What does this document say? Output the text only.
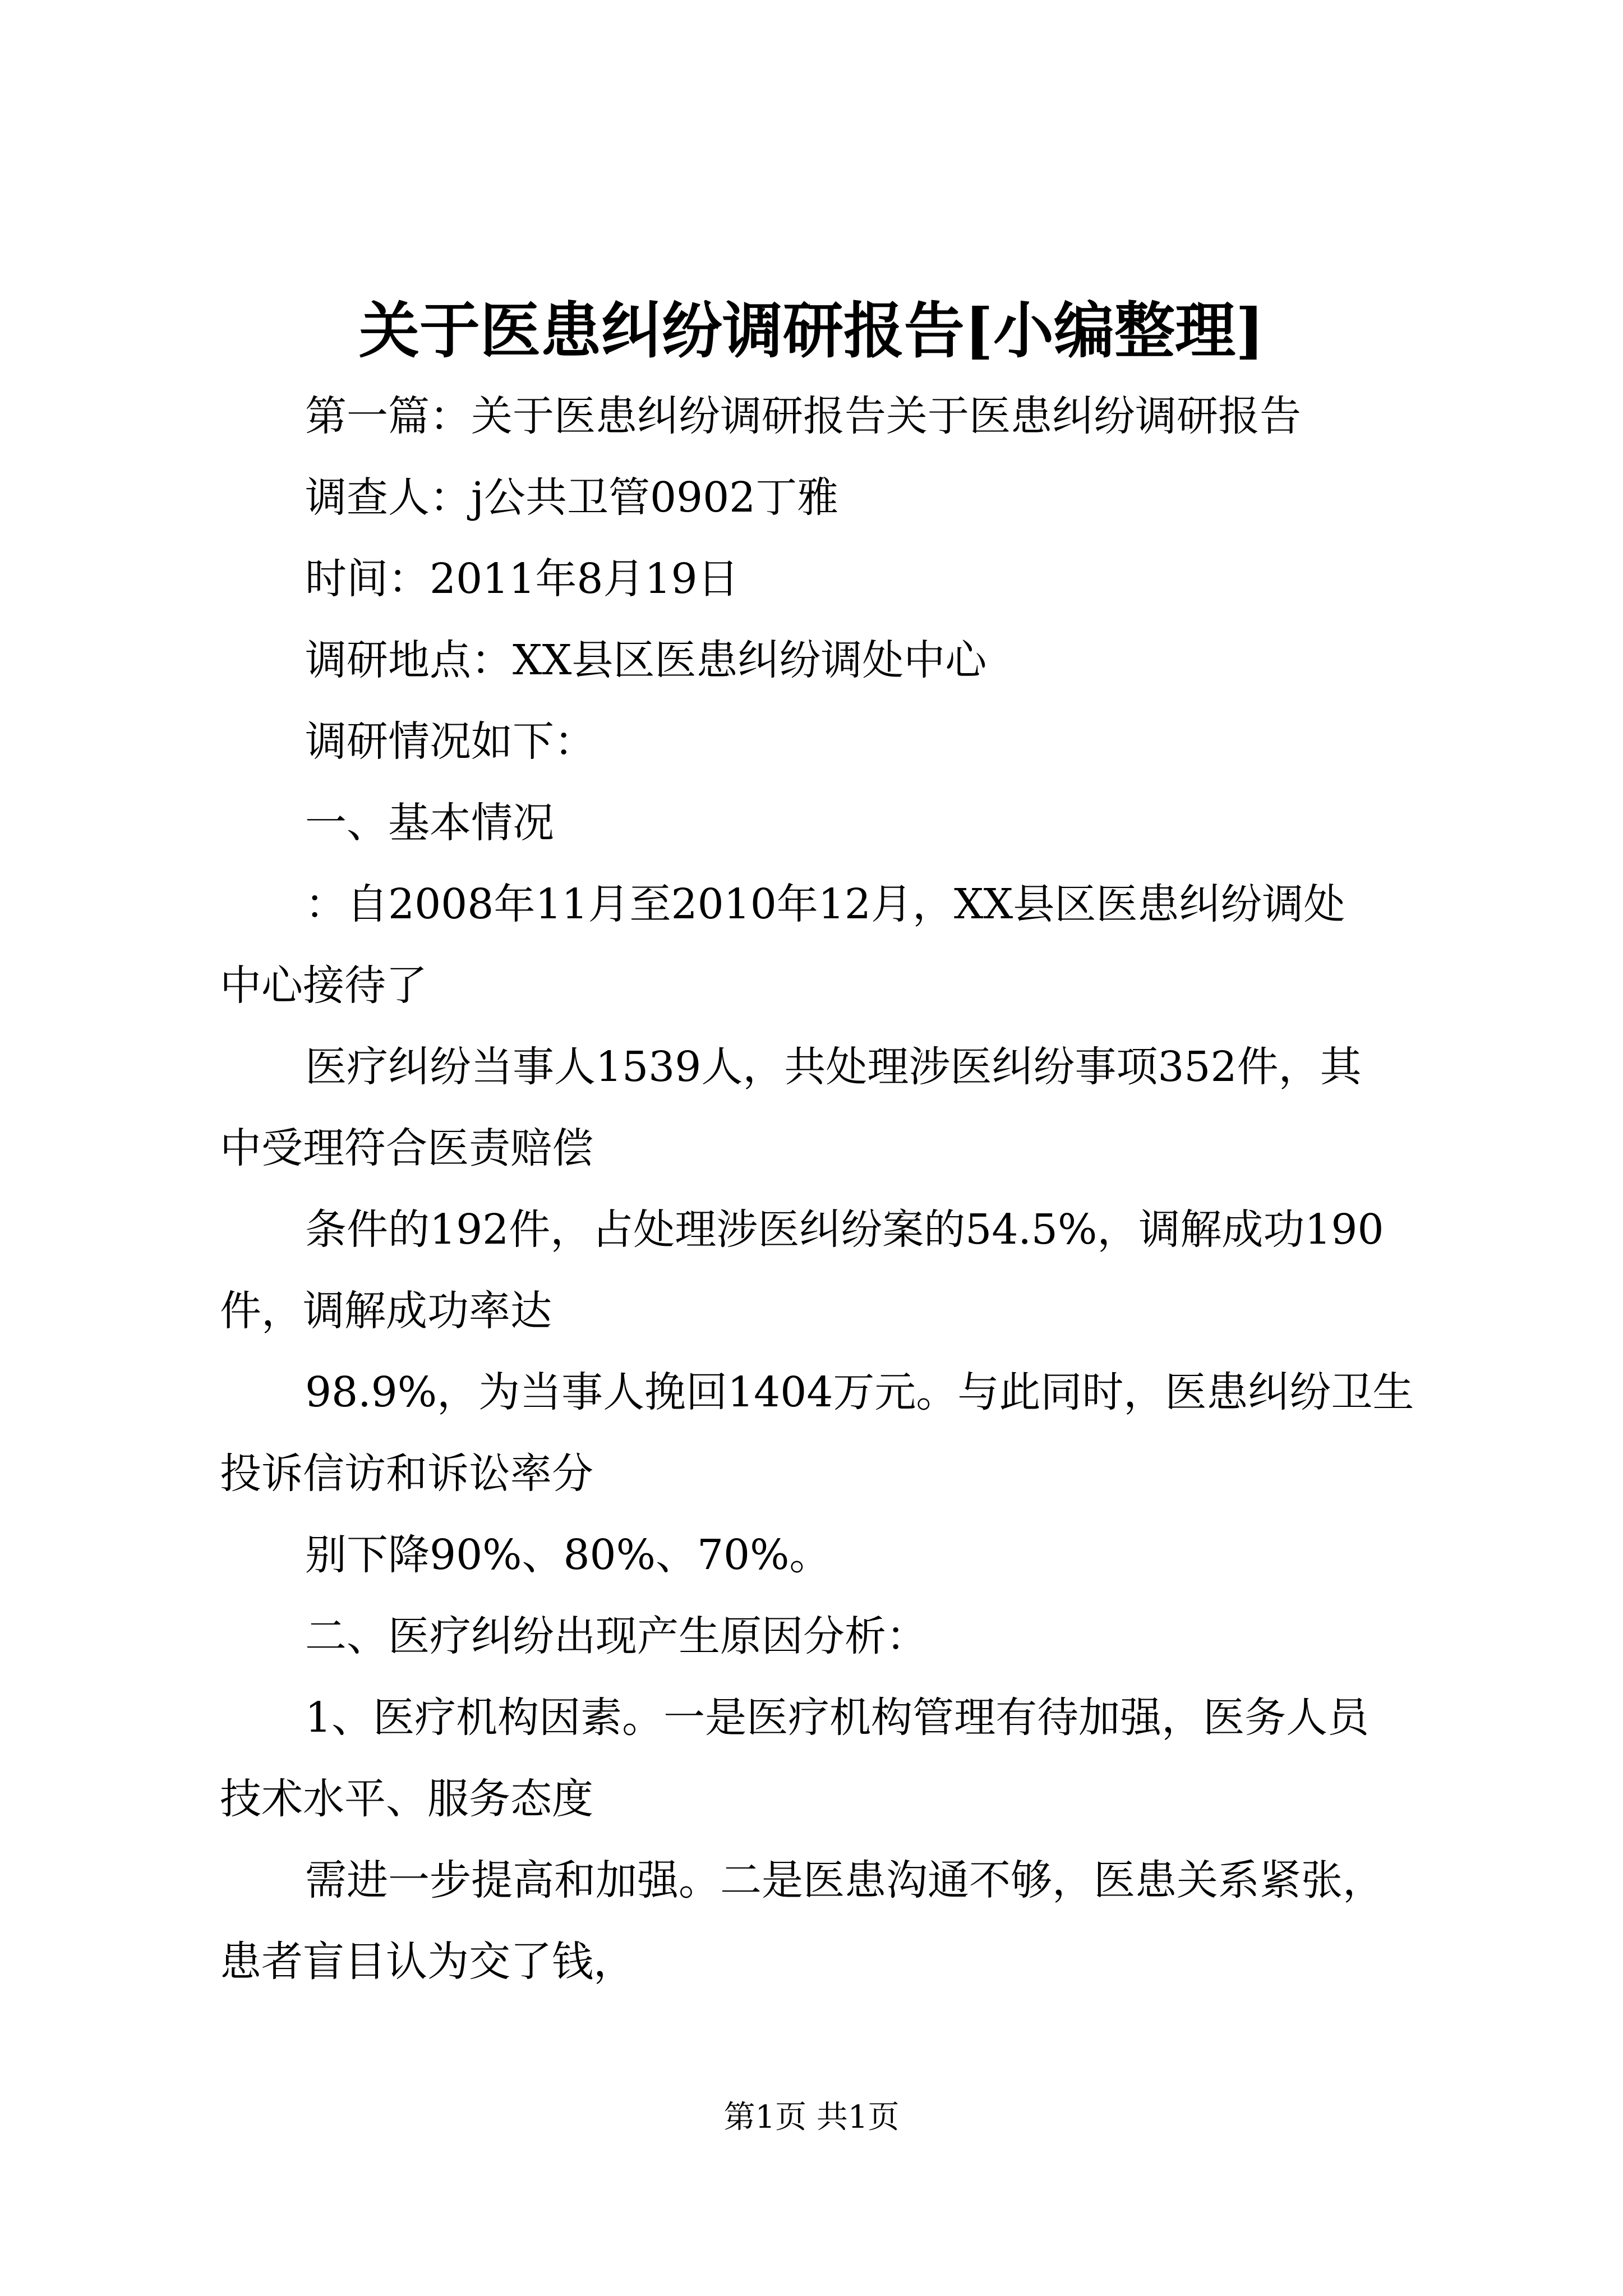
关于医患纠纷调研报告[小编整理]

第一篇：关于医患纠纷调研报告关于医患纠纷调研报告

调查人：j公共卫管0902丁雅

时间：2011年8月19日

调研地点：XX县区医患纠纷调处中心

调研情况如下：

一、基本情况

：自2008年11月至2010年12月，XX县区医患纠纷调处
中心接待了

医疗纠纷当事人1539人，共处理涉医纠纷事项352件，其
中受理符合医责赔偿

条件的192件，占处理涉医纠纷案的54.5%，调解成功190
件，调解成功率达

98.9%，为当事人挽回1404万元。与此同时，医患纠纷卫生
投诉信访和诉讼率分

别下降90%、80%、70%。

二、医疗纠纷出现产生原因分析：

1、医疗机构因素。一是医疗机构管理有待加强，医务人员
技术水平、服务态度

需进一步提高和加强。二是医患沟通不够，医患关系紧张，
患者盲目认为交了钱，

第1页 共1页
